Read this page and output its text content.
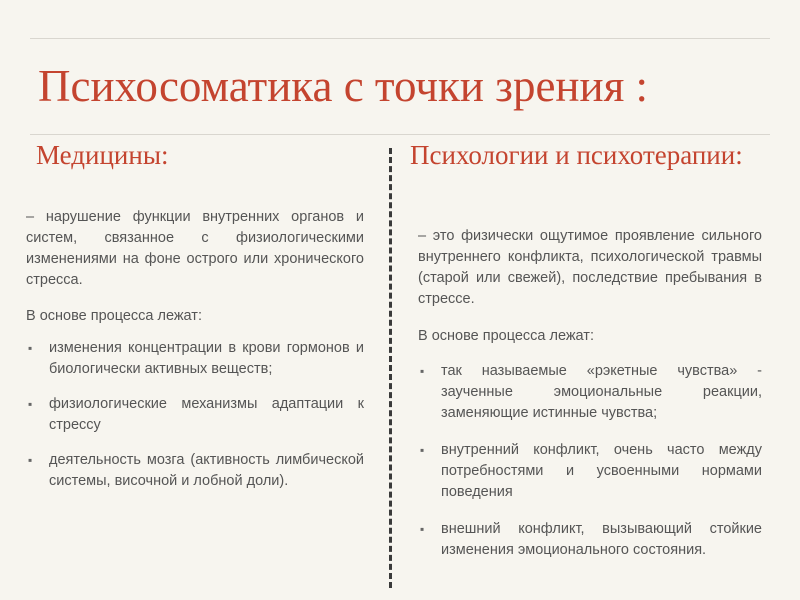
Психосоматика с точки зрения :
Медицины:	Психологии и психотерапии:

– нарушение функции внутренних органов и систем, связанное с физиологическими изменениями на фоне острого или хронического стресса.

В основе процесса лежат:

▪ изменения концентрации в крови гормонов и биологически активных веществ;
▪ физиологические механизмы адаптации к стрессу
▪ деятельность мозга (активность лимбической системы, височной и лобной доли).

– это физически ощутимое проявление сильного внутреннего конфликта, психологической травмы (старой или свежей), последствие пребывания в стрессе.

В основе процесса лежат:

▪ так называемые «рэкетные чувства» - заученные эмоциональные реакции, заменяющие истинные чувства;
▪ внутренний конфликт, очень часто между потребностями и усвоенными нормами поведения
▪ внешний конфликт, вызывающий стойкие изменения эмоционального состояния.
